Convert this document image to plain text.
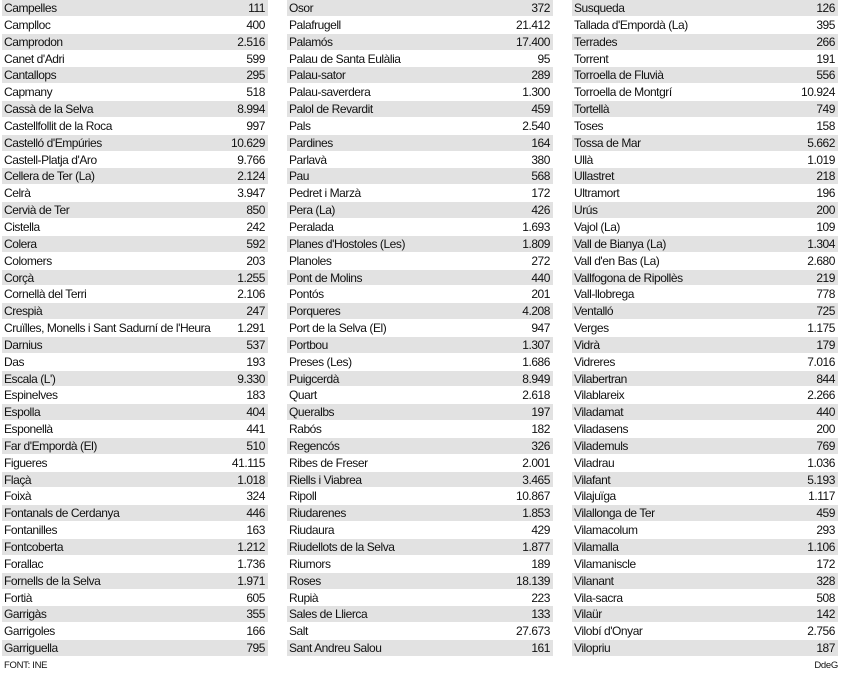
Campelles	111
Camplloc	400
Camprodon	2.516
Canet d'Adri	599
Cantallops	295
Capmany	518
Cassà de la Selva	8.994
Castellfollit de la Roca	997
Castelló d'Empúries	10.629
Castell-Platja d'Aro	9.766
Cellera de Ter (La)	2.124
Celrà	3.947
Cervià de Ter	850
Cistella	242
Colera	592
Colomers	203
Corçà	1.255
Cornellà del Terri	2.106
Crespià	247
Cruïlles, Monells i Sant Sadurní de l'Heura 1.291
Darnius	537
Das	193
Escala (L')	9.330
Espinelves	183
Espolla	404
Esponellà	441
Far d'Empordà (El)	510
Figueres	41.115
Flaçà	1.018
Foixà	324
Fontanals de Cerdanya	446
Fontanilles	163
Fontcoberta	1.212
Forallac	1.736
Fornells de la Selva	1.971
Fortià	605
Garrigàs	355
Garrigoles	166
Garriguella	795
Osor	372
Palafrugell	21.412
Palamós	17.400
Palau de Santa Eulàlia	95
Palau-sator	289
Palau-saverdera	1.300
Palol de Revardit	459
Pals	2.540
Pardines	164
Parlavà	380
Pau	568
Pedret i Marzà	172
Pera (La)	426
Peralada	1.693
Planes d'Hostoles (Les)	1.809
Planoles	272
Pont de Molins	440
Pontós	201
Porqueres	4.208
Port de la Selva (El)	947
Portbou	1.307
Preses (Les)	1.686
Puigcerdà	8.949
Quart	2.618
Queralbs	197
Rabós	182
Regencós	326
Ribes de Freser	2.001
Riells i Viabrea	3.465
Ripoll	10.867
Riudarenes	1.853
Riudaura	429
Riudellots de la Selva	1.877
Riumors	189
Roses	18.139
Rupià	223
Sales de Llierca	133
Salt	27.673
Sant Andreu Salou	161
Susqueda	126
Tallada d'Empordà (La)	395
Terrades	266
Torrent	191
Torroella de Fluvià	556
Torroella de Montgrí	10.924
Tortellà	749
Toses	158
Tossa de Mar	5.662
Ullà	1.019
Ullastret	218
Ultramort	196
Urús	200
Vajol (La)	109
Vall de Bianya (La)	1.304
Vall d'en Bas (La)	2.680
Vallfogona de Ripollès	219
Vall-llobrega	778
Ventalló	725
Verges	1.175
Vidrà	179
Vidreres	7.016
Vilabertran	844
Vilablareix	2.266
Viladamat	440
Viladasens	200
Vilademuls	769
Viladrau	1.036
Vilafant	5.193
Vilajuïga	1.117
Vilallonga de Ter	459
Vilamacolum	293
Vilamalla	1.106
Vilamaniscle	172
Vilanant	328
Vila-sacra	508
Vilaür	142
Vilobí d'Onyar	2.756
Vilopriu	187
FONT: INE	DdeG
